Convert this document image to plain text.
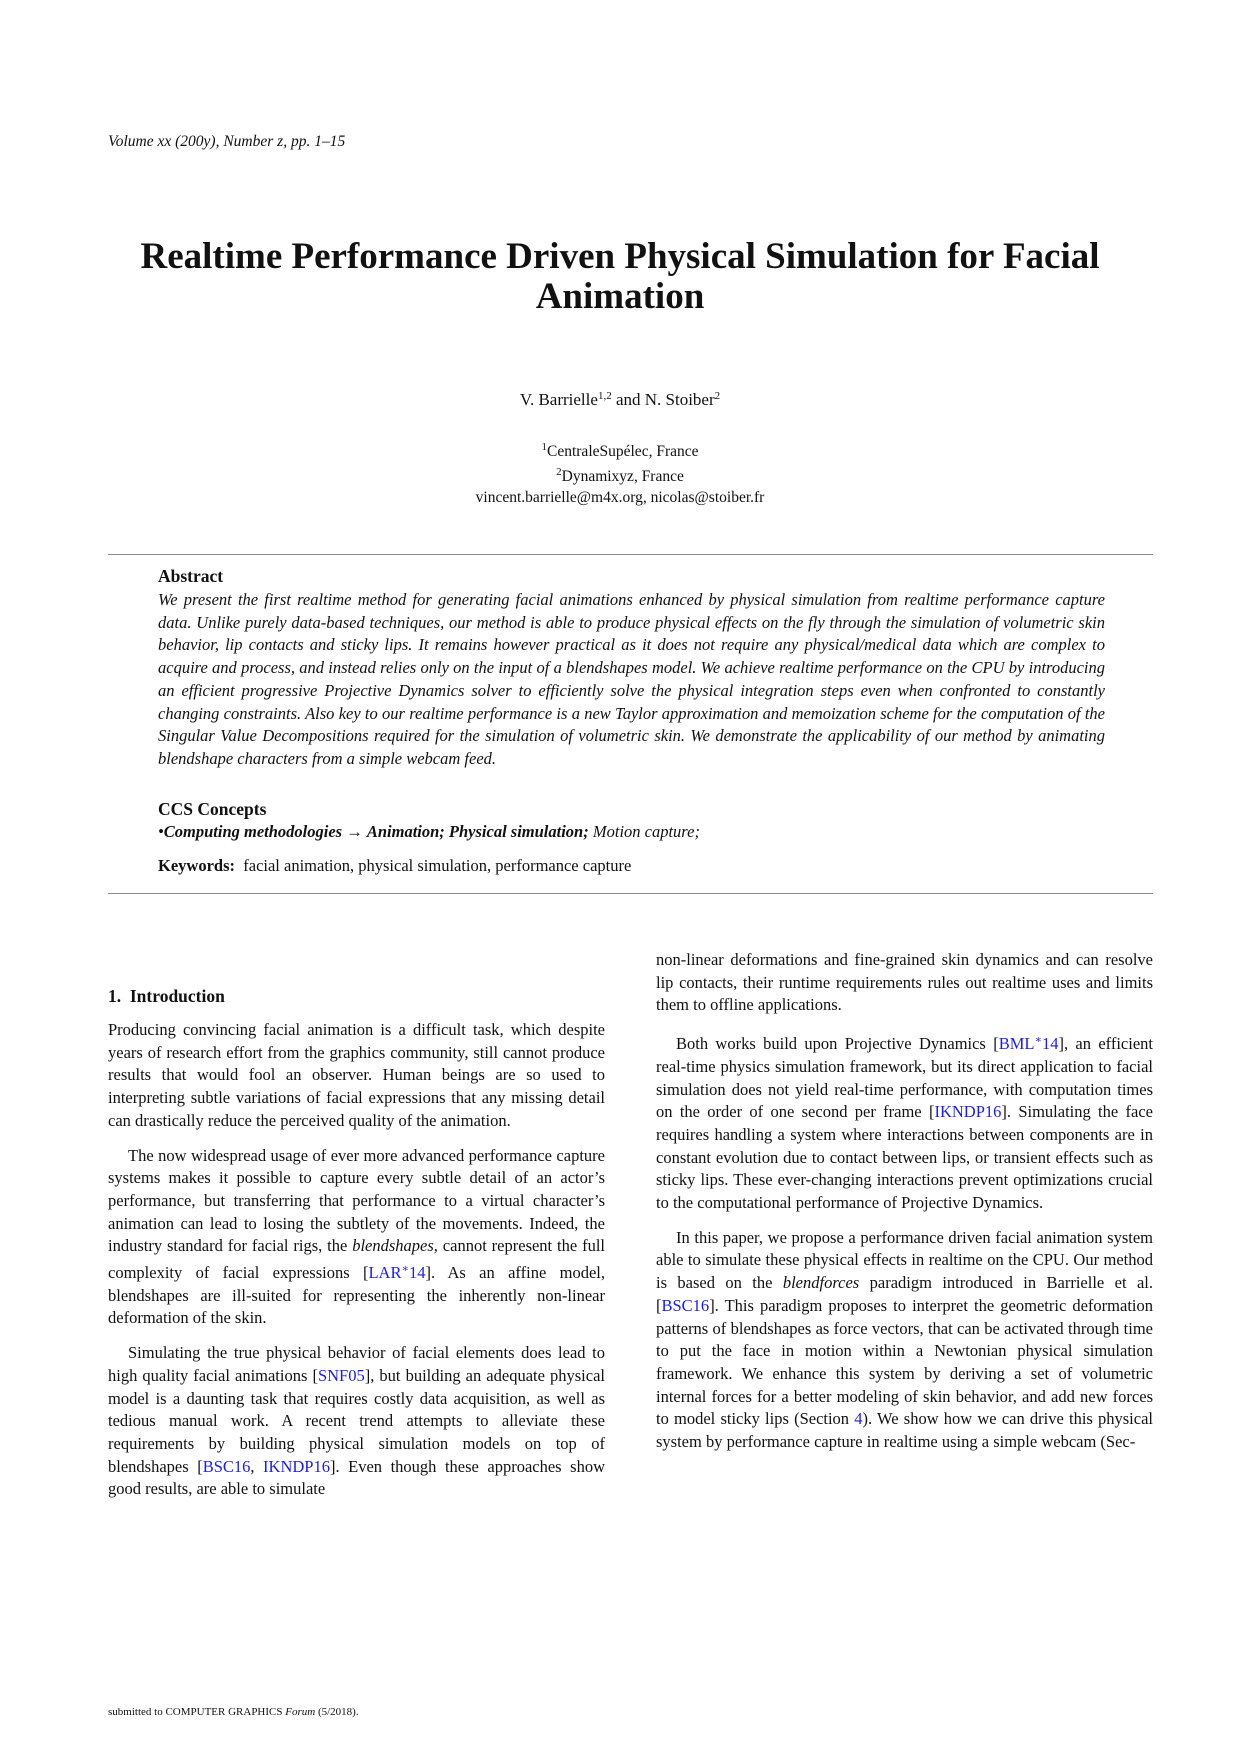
Volume xx (200y), Number z, pp. 1–15
Realtime Performance Driven Physical Simulation for Facial Animation
V. Barrielle$^{1,2}$ and N. Stoiber$^2$
$^1$CentraleSupélec, France
$^2$Dynamixyz, France
vincent.barrielle@m4x.org, nicolas@stoiber.fr
Abstract
We present the first realtime method for generating facial animations enhanced by physical simulation from realtime performance capture data. Unlike purely data-based techniques, our method is able to produce physical effects on the fly through the simulation of volumetric skin behavior, lip contacts and sticky lips. It remains however practical as it does not require any physical/medical data which are complex to acquire and process, and instead relies only on the input of a blendshapes model. We achieve realtime performance on the CPU by introducing an efficient progressive Projective Dynamics solver to efficiently solve the physical integration steps even when confronted to constantly changing constraints. Also key to our realtime performance is a new Taylor approximation and memoization scheme for the computation of the Singular Value Decompositions required for the simulation of volumetric skin. We demonstrate the applicability of our method by animating blendshape characters from a simple webcam feed.
CCS Concepts
•Computing methodologies → Animation; Physical simulation; Motion capture;
Keywords: facial animation, physical simulation, performance capture
1.  Introduction

Producing convincing facial animation is a difficult task, which despite years of research effort from the graphics community, still cannot produce results that would fool an observer. Human beings are so used to interpreting subtle variations of facial expressions that any missing detail can drastically reduce the perceived quality of the animation.

The now widespread usage of ever more advanced performance capture systems makes it possible to capture every subtle detail of an actor’s performance, but transferring that performance to a virtual character’s animation can lead to losing the subtlety of the movements. Indeed, the industry standard for facial rigs, the blendshapes, cannot represent the full complexity of facial expressions [LAR∗14]. As an affine model, blendshapes are ill-suited for representing the inherently non-linear deformation of the skin.

Simulating the true physical behavior of facial elements does lead to high quality facial animations [SNF05], but building an adequate physical model is a daunting task that requires costly data acquisition, as well as tedious manual work. A recent trend attempts to alleviate these requirements by building physical simulation models on top of blendshapes [BSC16, IKNDP16]. Even though these approaches show good results, are able to simulate

non-linear deformations and fine-grained skin dynamics and can resolve lip contacts, their runtime requirements rules out realtime uses and limits them to offline applications.

Both works build upon Projective Dynamics [BML∗14], an efficient real-time physics simulation framework, but its direct application to facial simulation does not yield real-time performance, with computation times on the order of one second per frame [IKNDP16]. Simulating the face requires handling a system where interactions between components are in constant evolution due to contact between lips, or transient effects such as sticky lips. These ever-changing interactions prevent optimizations crucial to the computational performance of Projective Dynamics.

In this paper, we propose a performance driven facial animation system able to simulate these physical effects in realtime on the CPU. Our method is based on the blendforces paradigm introduced in Barrielle et al. [BSC16]. This paradigm proposes to interpret the geometric deformation patterns of blendshapes as force vectors, that can be activated through time to put the face in motion within a Newtonian physical simulation framework. We enhance this system by deriving a set of volumetric internal forces for a better modeling of skin behavior, and add new forces to model sticky lips (Section 4). We show how we can drive this physical system by performance capture in realtime using a simple webcam (Sec-

submitted to COMPUTER GRAPHICS Forum (5/2018).
